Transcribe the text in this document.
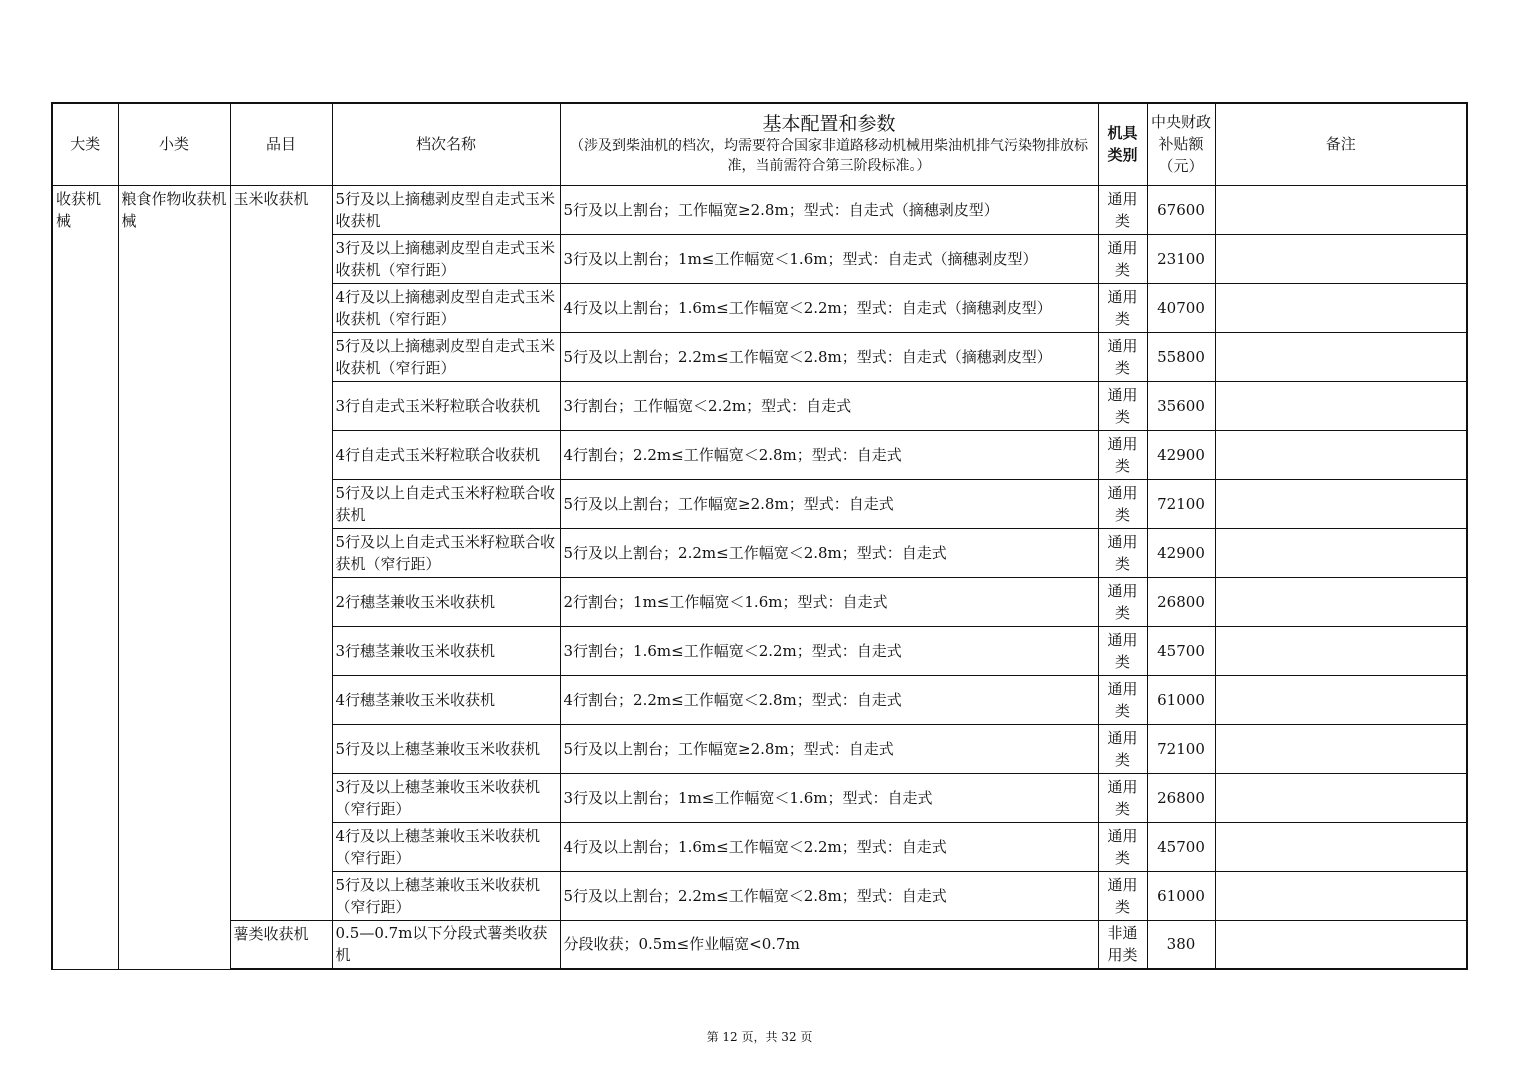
大类	小类	品目	档次名称	基本配置和参数
（涉及到柴油机的档次，均需要符合国家非道路移动机械用柴油机排气污染物排放标准，当前需符合第三阶段标准。）	机具类别	中央财政补贴额（元）	备注
收获机械	粮食作物收获机械	玉米收获机	5行及以上摘穗剥皮型自走式玉米收获机	5行及以上割台；工作幅宽≥2.8m；型式：自走式（摘穗剥皮型）	通用类	67600	
			3行及以上摘穗剥皮型自走式玉米收获机（窄行距）	3行及以上割台；1m≤工作幅宽＜1.6m；型式：自走式（摘穗剥皮型）	通用类	23100	
			4行及以上摘穗剥皮型自走式玉米收获机（窄行距）	4行及以上割台；1.6m≤工作幅宽＜2.2m；型式：自走式（摘穗剥皮型）	通用类	40700	
			5行及以上摘穗剥皮型自走式玉米收获机（窄行距）	5行及以上割台；2.2m≤工作幅宽＜2.8m；型式：自走式（摘穗剥皮型）	通用类	55800	
			3行自走式玉米籽粒联合收获机	3行割台；工作幅宽＜2.2m；型式：自走式	通用类	35600	
			4行自走式玉米籽粒联合收获机	4行割台；2.2m≤工作幅宽＜2.8m；型式：自走式	通用类	42900	
			5行及以上自走式玉米籽粒联合收获机	5行及以上割台；工作幅宽≥2.8m；型式：自走式	通用类	72100	
			5行及以上自走式玉米籽粒联合收获机（窄行距）	5行及以上割台；2.2m≤工作幅宽＜2.8m；型式：自走式	通用类	42900	
			2行穗茎兼收玉米收获机	2行割台；1m≤工作幅宽＜1.6m；型式：自走式	通用类	26800	
			3行穗茎兼收玉米收获机	3行割台；1.6m≤工作幅宽＜2.2m；型式：自走式	通用类	45700	
			4行穗茎兼收玉米收获机	4行割台；2.2m≤工作幅宽＜2.8m；型式：自走式	通用类	61000	
			5行及以上穗茎兼收玉米收获机	5行及以上割台；工作幅宽≥2.8m；型式：自走式	通用类	72100	
			3行及以上穗茎兼收玉米收获机（窄行距）	3行及以上割台；1m≤工作幅宽＜1.6m；型式：自走式	通用类	26800	
			4行及以上穗茎兼收玉米收获机（窄行距）	4行及以上割台；1.6m≤工作幅宽＜2.2m；型式：自走式	通用类	45700	
			5行及以上穗茎兼收玉米收获机（窄行距）	5行及以上割台；2.2m≤工作幅宽＜2.8m；型式：自走式	通用类	61000	
		薯类收获机	0.5—0.7m以下分段式薯类收获机	分段收获；0.5m≤作业幅宽<0.7m	非通用类	380	
第 12 页，共 32 页
